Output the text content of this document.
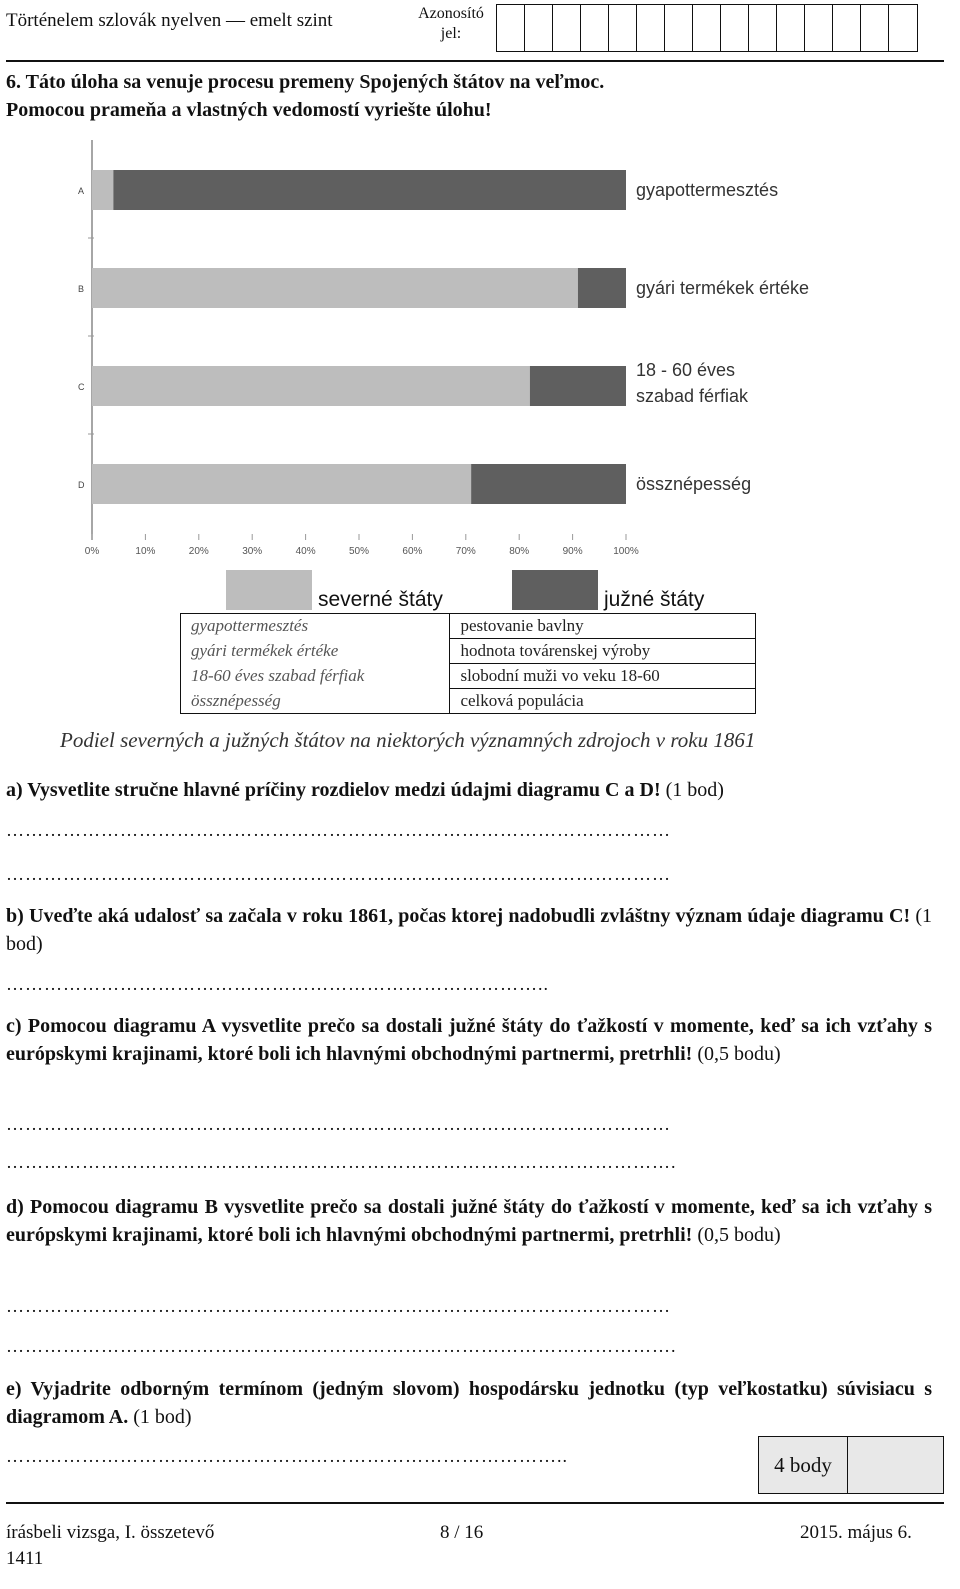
Történelem szlovák nyelven — emelt szint	Azonosító
jel:
6. Táto úloha sa venuje procesu premeny Spojených štátov na veľmoc.
Pomocou prameňa a vlastných vedomostí vyriešte úlohu!
A	gyapottermesztés
B	gyári termékek értéke
C
18 - 60 éves
szabad férfiak
D	össznépesség
0%	10%	20%	30%	40%	50%	60%	70%	80%	90%	100%
severné štáty	južné štáty
gyapottermesztés	pestovanie bavlny
gyári termékek értéke	hodnota továrenskej výroby
18-60 éves szabad férfiak	slobodní muži vo veku 18-60
össznépesség	celková populácia
Podiel severných a južných štátov na niektorých významných zdrojoch v roku 1861
a) Vysvetlite stručne hlavné príčiny rozdielov medzi údajmi diagramu C a D! (1 bod)
……………………………………………………………………………………………
……………………………………………………………………………………………
b) Uveďte aká udalosť sa začala v roku 1861, počas ktorej nadobudli zvláštny význam údaje diagramu C! (1 bod)
…………………………………………………………………………..
c) Pomocou diagramu A vysvetlite prečo sa dostali južné štáty do ťažkostí v momente, keď sa ich vzťahy s európskymi krajinami, ktoré boli ich hlavnými obchodnými partnermi, pretrhli! (0,5 bodu)
……………………………………………………………………………………………
…………………………………………………………………………………………….
d) Pomocou diagramu B vysvetlite prečo sa dostali južné štáty do ťažkostí v momente, keď sa ich vzťahy s európskymi krajinami, ktoré boli ich hlavnými obchodnými partnermi, pretrhli! (0,5 bodu)
……………………………………………………………………………………………
…………………………………………………………………………………………….
e) Vyjadrite odborným termínom (jedným slovom) hospodársku jednotku (typ veľkostatku) súvisiacu s diagramom A. (1 bod)
……………………………………………………………………………..	4 body
írásbeli vizsga, I. összetevő	8 / 16	2015. május 6.
1411
